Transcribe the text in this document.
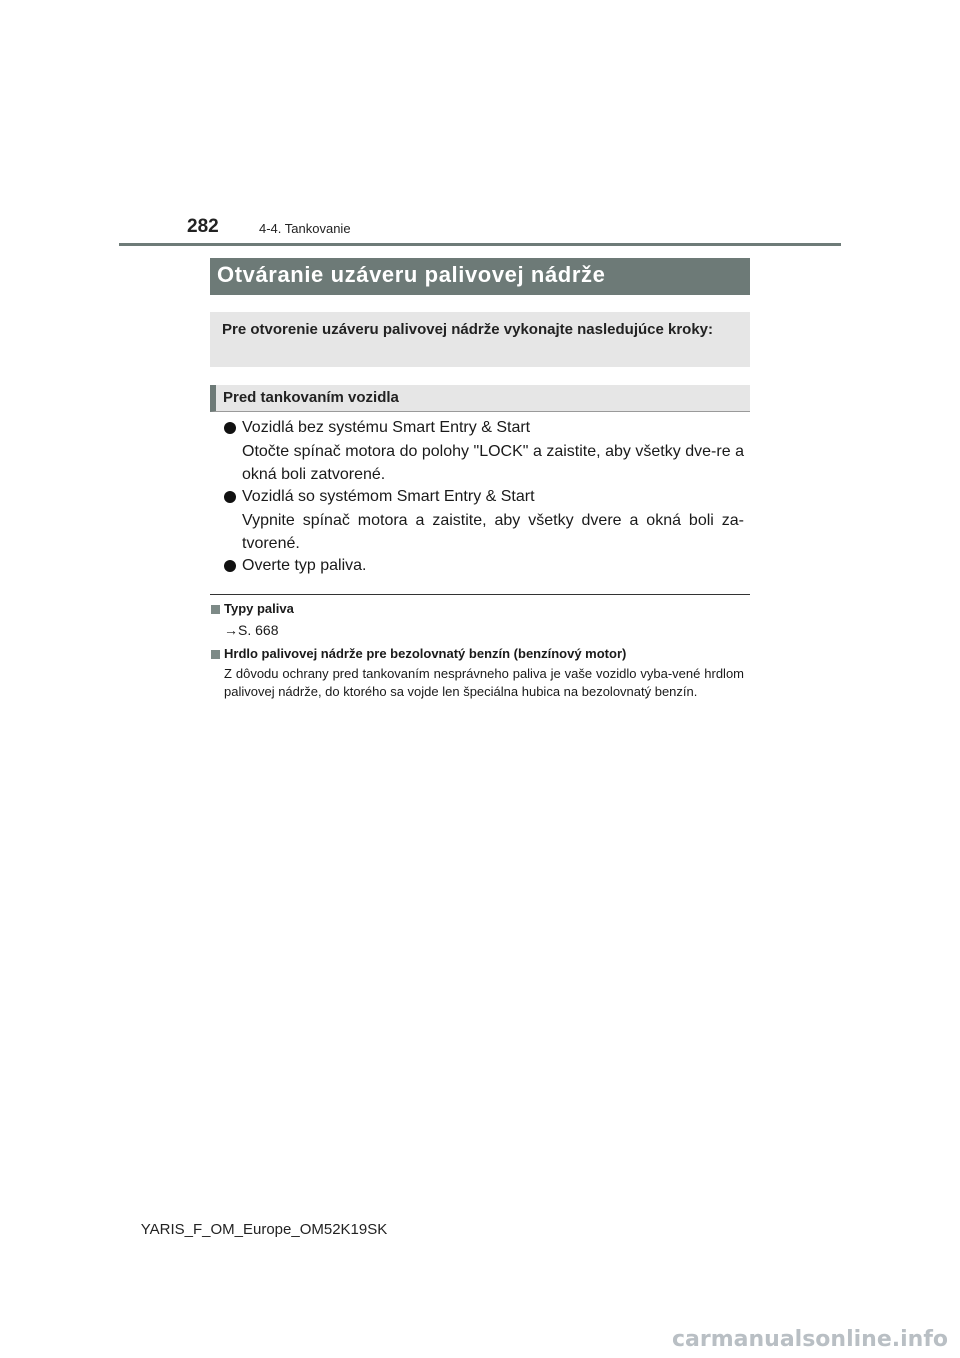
282	4-4. Tankovanie
Otváranie uzáveru palivovej nádrže
Pre otvorenie uzáveru palivovej nádrže vykonajte nasledujúce kroky:
Pred tankovaním vozidla
Vozidlá bez systému Smart Entry & Start
Otočte spínač motora do polohy "LOCK" a zaistite, aby všetky dve-re a okná boli zatvorené.
Vozidlá so systémom Smart Entry & Start
Vypnite spínač motora a zaistite, aby všetky dvere a okná boli za-tvorené.
Overte typ paliva.
Typy paliva
→S. 668
Hrdlo palivovej nádrže pre bezolovnatý benzín (benzínový motor)
Z dôvodu ochrany pred tankovaním nesprávneho paliva je vaše vozidlo vyba-vené hrdlom palivovej nádrže, do ktorého sa vojde len špeciálna hubica na bezolovnatý benzín.
YARIS_F_OM_Europe_OM52K19SK
carmanualsonline.info
